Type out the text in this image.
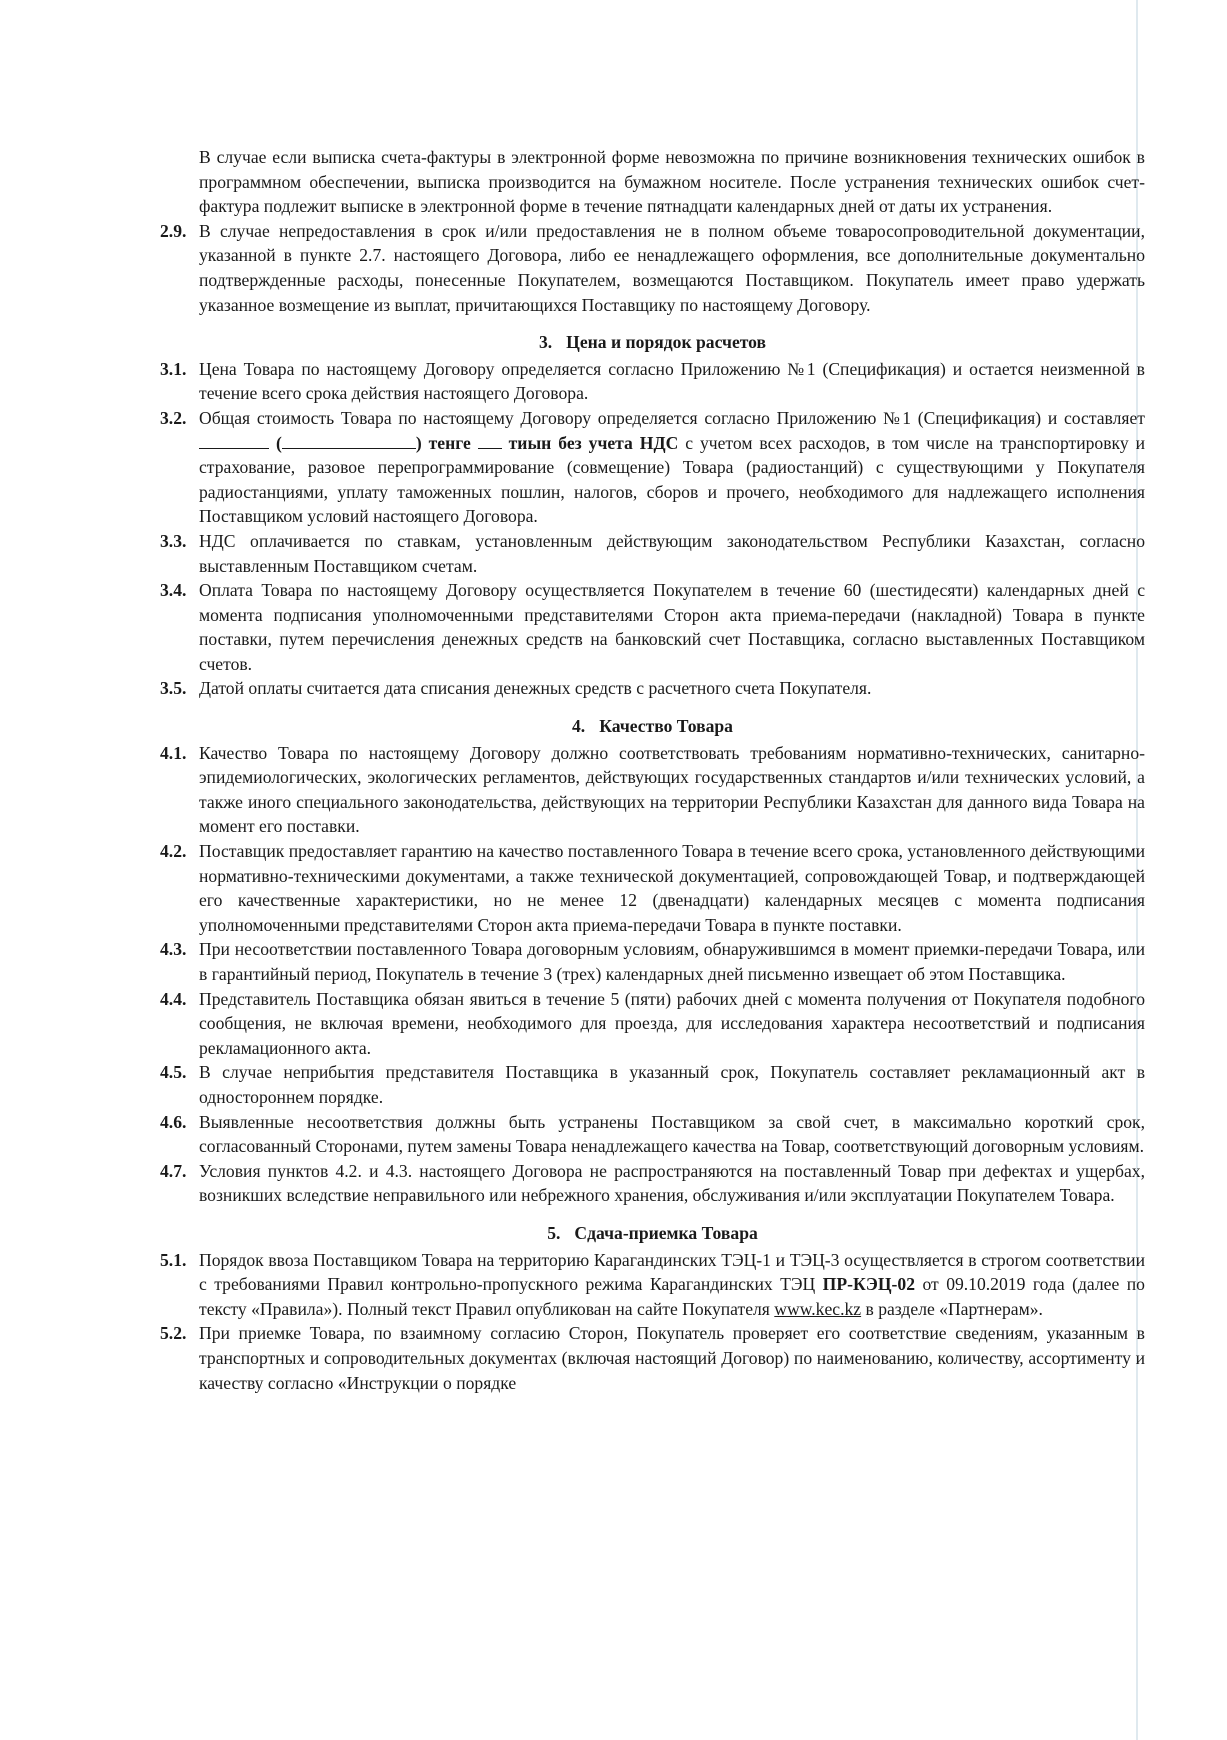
В случае если выписка счета-фактуры в электронной форме невозможна по причине возникновения технических ошибок в программном обеспечении, выписка производится на бумажном носителе. После устранения технических ошибок счет-фактура подлежит выписке в электронной форме в течение пятнадцати календарных дней от даты их устранения.

2.9. В случае непредоставления в срок и/или предоставления не в полном объеме товаросопроводительной документации, указанной в пункте 2.7. настоящего Договора, либо ее ненадлежащего оформления, все дополнительные документально подтвержденные расходы, понесенные Покупателем, возмещаются Поставщиком. Покупатель имеет право удержать указанное возмещение из выплат, причитающихся Поставщику по настоящему Договору.
3. Цена и порядок расчетов
3.1. Цена Товара по настоящему Договору определяется согласно Приложению №1 (Спецификация) и остается неизменной в течение всего срока действия настоящего Договора.
3.2. Общая стоимость Товара по настоящему Договору определяется согласно Приложению №1 (Спецификация) и составляет  (	) тенге  тиын без учета НДС с учетом всех расходов, в том числе на транспортировку и страхование, разовое перепрограммирование (совмещение) Товара (радиостанций) с существующими у Покупателя радиостанциями, уплату таможенных пошлин, налогов, сборов и прочего, необходимого для надлежащего исполнения Поставщиком условий настоящего Договора.
3.3. НДС оплачивается по ставкам, установленным действующим законодательством Республики Казахстан, согласно выставленным Поставщиком счетам.
3.4. Оплата Товара по настоящему Договору осуществляется Покупателем в течение 60 (шестидесяти) календарных дней с момента подписания уполномоченными представителями Сторон акта приема-передачи (накладной) Товара в пункте поставки, путем перечисления денежных средств на банковский счет Поставщика, согласно выставленных Поставщиком счетов.
3.5. Датой оплаты считается дата списания денежных средств с расчетного счета Покупателя.
4. Качество Товара
4.1. Качество Товара по настоящему Договору должно соответствовать требованиям нормативно-технических, санитарно-эпидемиологических, экологических регламентов, действующих государственных стандартов и/или технических условий, а также иного специального законодательства, действующих на территории Республики Казахстан для данного вида Товара на момент его поставки.
4.2. Поставщик предоставляет гарантию на качество поставленного Товара в течение всего срока, установленного действующими нормативно-техническими документами, а также технической документацией, сопровождающей Товар, и подтверждающей его качественные характеристики, но не менее 12 (двенадцати) календарных месяцев с момента подписания уполномоченными представителями Сторон акта приема-передачи Товара в пункте поставки.
4.3. При несоответствии поставленного Товара договорным условиям, обнаружившимся в момент приемки-передачи Товара, или в гарантийный период, Покупатель в течение 3 (трех) календарных дней письменно извещает об этом Поставщика.
4.4. Представитель Поставщика обязан явиться в течение 5 (пяти) рабочих дней с момента получения от Покупателя подобного сообщения, не включая времени, необходимого для проезда, для исследования характера несоответствий и подписания рекламационного акта.
4.5. В случае неприбытия представителя Поставщика в указанный срок, Покупатель составляет рекламационный акт в одностороннем порядке.
4.6. Выявленные несоответствия должны быть устранены Поставщиком за свой счет, в максимально короткий срок, согласованный Сторонами, путем замены Товара ненадлежащего качества на Товар, соответствующий договорным условиям.
4.7. Условия пунктов 4.2. и 4.3. настоящего Договора не распространяются на поставленный Товар при дефектах и ущербах, возникших вследствие неправильного или небрежного хранения, обслуживания и/или эксплуатации Покупателем Товара.
5. Сдача-приемка Товара
5.1. Порядок ввоза Поставщиком Товара на территорию Карагандинских ТЭЦ-1 и ТЭЦ-3 осуществляется в строгом соответствии с требованиями Правил контрольно-пропускного режима Карагандинских ТЭЦ ПР-КЭЦ-02 от 09.10.2019 года (далее по тексту «Правила»). Полный текст Правил опубликован на сайте Покупателя www.kec.kz в разделе «Партнерам».
5.2. При приемке Товара, по взаимному согласию Сторон, Покупатель проверяет его соответствие сведениям, указанным в транспортных и сопроводительных документах (включая настоящий Договор) по наименованию, количеству, ассортименту и качеству согласно «Инструкции о порядке
